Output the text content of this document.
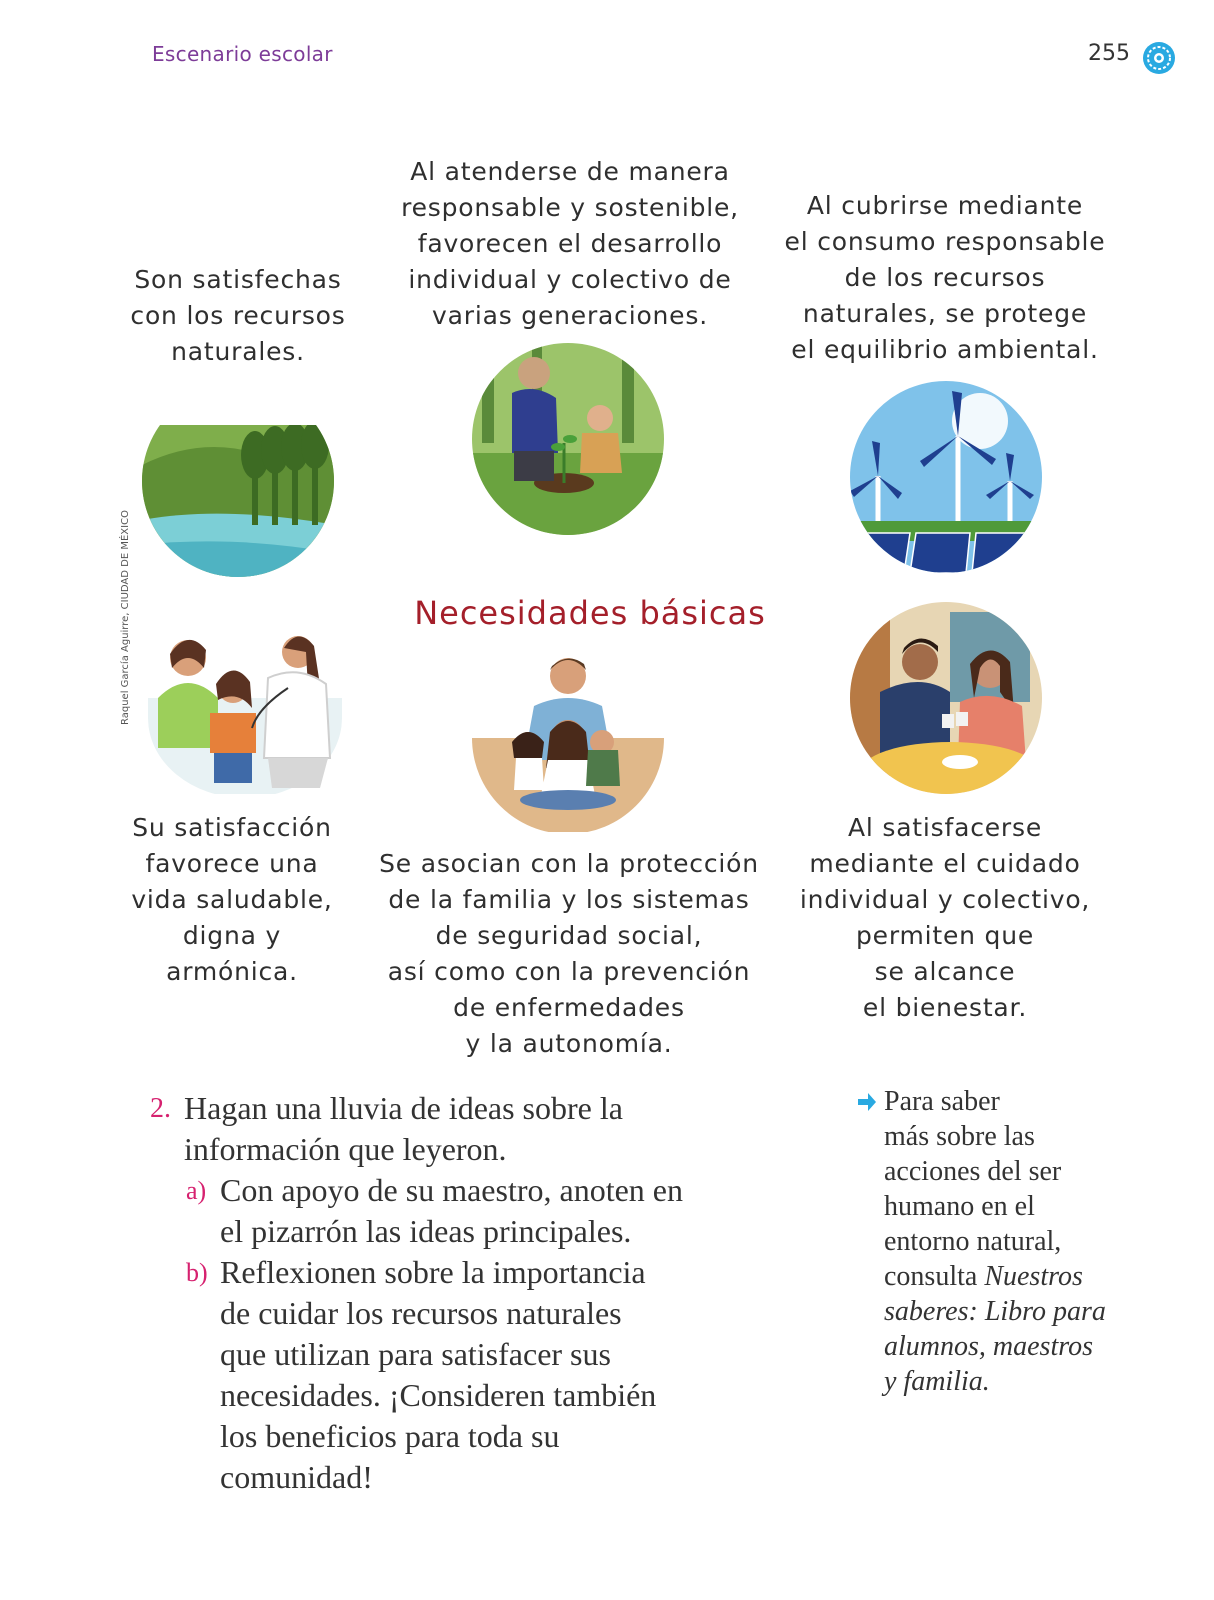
Escenario escolar	255
Raquel García Aguirre, CIUDAD DE MÉXICO
Son satisfechas
con los recursos
naturales.
Al atenderse de manera
responsable y sostenible,
favorecen el desarrollo
individual y colectivo de
varias generaciones.
Al cubrirse mediante
el consumo responsable
de los recursos
naturales, se protege
el equilibrio ambiental.
Necesidades básicas
Su satisfacción
favorece una
vida saludable,
digna y
armónica.
Se asocian con la protección
de la familia y los sistemas
de seguridad social,
así como con la prevención
de enfermedades
y la autonomía.
Al satisfacerse
mediante el cuidado
individual y colectivo,
permiten que
se alcance
el bienestar.
2. Hagan una lluvia de ideas sobre la
información que leyeron.
a) Con apoyo de su maestro, anoten en
el pizarrón las ideas principales.
b) Reflexionen sobre la importancia
de cuidar los recursos naturales
que utilizan para satisfacer sus
necesidades. ¡Consideren también
los beneficios para toda su
comunidad!
Para saber
más sobre las
acciones del ser
humano en el
entorno natural,
consulta Nuestros
saberes: Libro para
alumnos, maestros
y familia.
